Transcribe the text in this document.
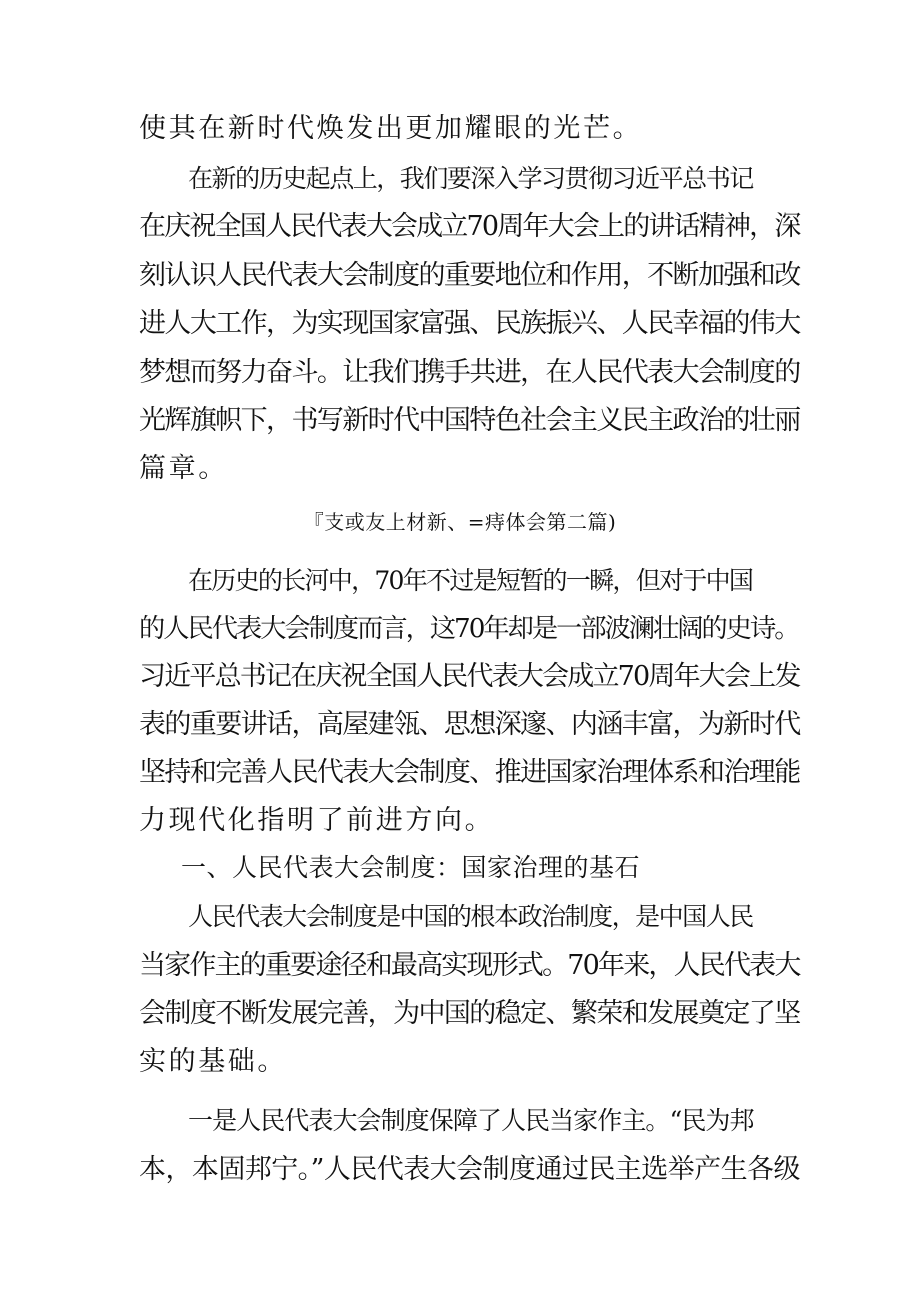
使其在新时代焕发出更加耀眼的光芒。
在新的历史起点上，我们要深入学习贯彻习近平总书记
在庆祝全国人民代表大会成立70周年大会上的讲话精神，深
刻认识人民代表大会制度的重要地位和作用，不断加强和改
进人大工作，为实现国家富强、民族振兴、人民幸福的伟大
梦想而努力奋斗。让我们携手共进，在人民代表大会制度的
光辉旗帜下，书写新时代中国特色社会主义民主政治的壮丽
篇章。
『支或友上材新、=痔体会第二篇)
在历史的长河中，70年不过是短暂的一瞬，但对于中国
的人民代表大会制度而言，这70年却是一部波澜壮阔的史诗。
习近平总书记在庆祝全国人民代表大会成立70周年大会上发
表的重要讲话，高屋建瓴、思想深邃、内涵丰富，为新时代
坚持和完善人民代表大会制度、推进国家治理体系和治理能
力现代化指明了前进方向。
一、人民代表大会制度：国家治理的基石
人民代表大会制度是中国的根本政治制度，是中国人民
当家作主的重要途径和最高实现形式。70年来，人民代表大
会制度不断发展完善，为中国的稳定、繁荣和发展奠定了坚
实的基础。
一是人民代表大会制度保障了人民当家作主。“民为邦
本，本固邦宁。”人民代表大会制度通过民主选举产生各级
